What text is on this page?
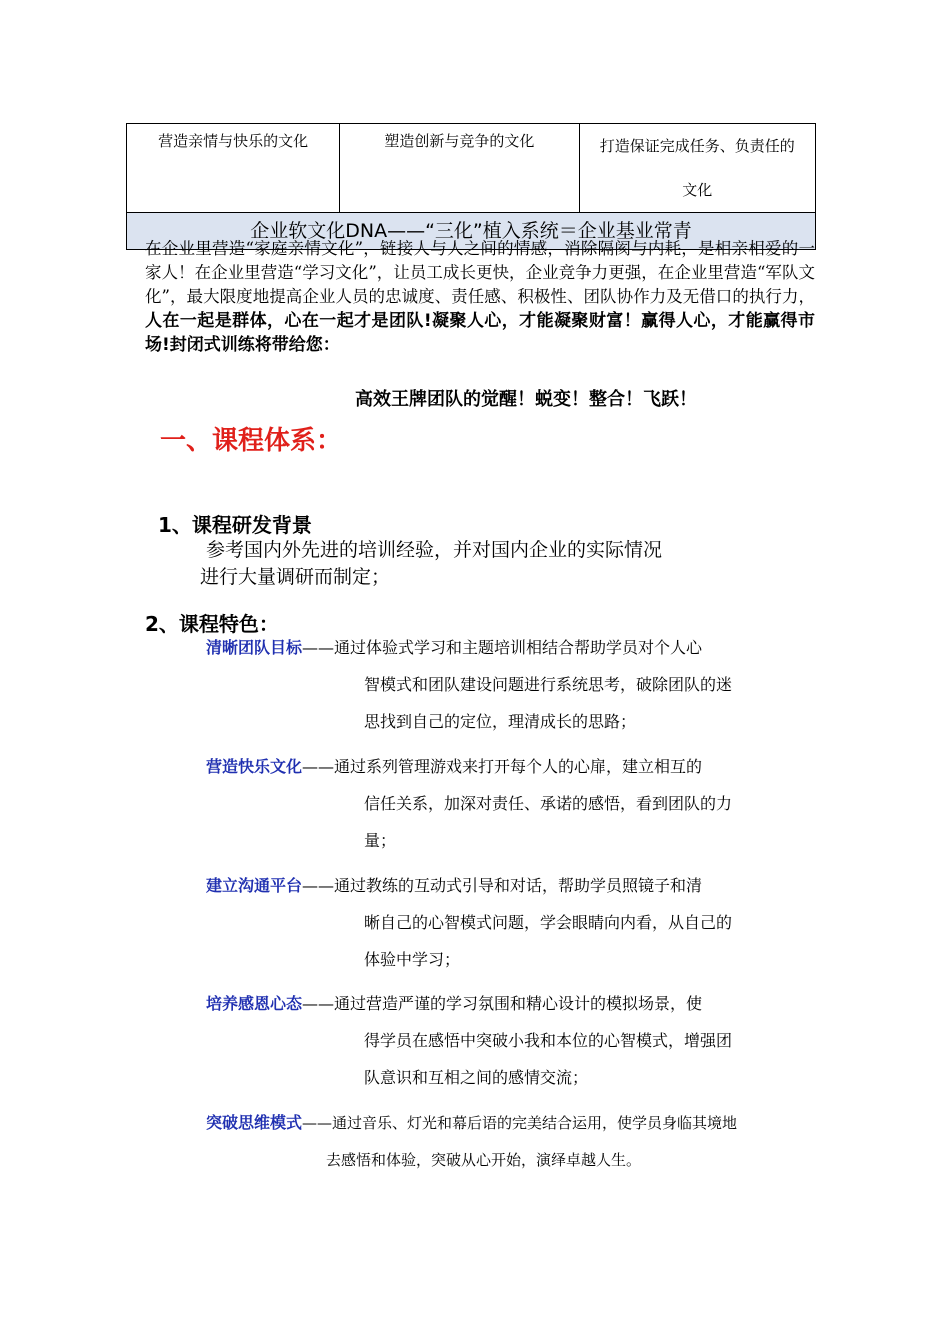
营造亲情与快乐的文化	塑造创新与竞争的文化	打造保证完成任务、负责任的
文化

企业软文化DNA——“三化”植入系统＝企业基业常青
在企业里营造“家庭亲情文化”，链接人与人之间的情感，消除隔阂与内耗，是相亲相爱的一家人！在企业里营造“学习文化”，让员工成长更快，企业竞争力更强，在企业里营造“军队文化”，最大限度地提高企业人员的忠诚度、责任感、积极性、团队协作力及无借口的执行力，人在一起是群体，心在一起才是团队!凝聚人心，才能凝聚财富！赢得人心，才能赢得市场!封闭式训练将带给您：
高效王牌团队的觉醒！蜕变！整合！飞跃！
一、课程体系：
1、课程研发背景
参考国内外先进的培训经验，并对国内企业的实际情况
进行大量调研而制定；
2、课程特色：
清晰团队目标——通过体验式学习和主题培训相结合帮助学员对个人心
智模式和团队建设问题进行系统思考，破除团队的迷
思找到自己的定位，理清成长的思路；
营造快乐文化——通过系列管理游戏来打开每个人的心扉，建立相互的
信任关系，加深对责任、承诺的感悟，看到团队的力
量；
建立沟通平台——通过教练的互动式引导和对话，帮助学员照镜子和清
晰自己的心智模式问题，学会眼睛向内看，从自己的
体验中学习；
培养感恩心态——通过营造严谨的学习氛围和精心设计的模拟场景，使
得学员在感悟中突破小我和本位的心智模式，增强团
队意识和互相之间的感情交流；
突破思维模式——通过音乐、灯光和幕后语的完美结合运用，使学员身临其境地
去感悟和体验，突破从心开始，演绎卓越人生。
